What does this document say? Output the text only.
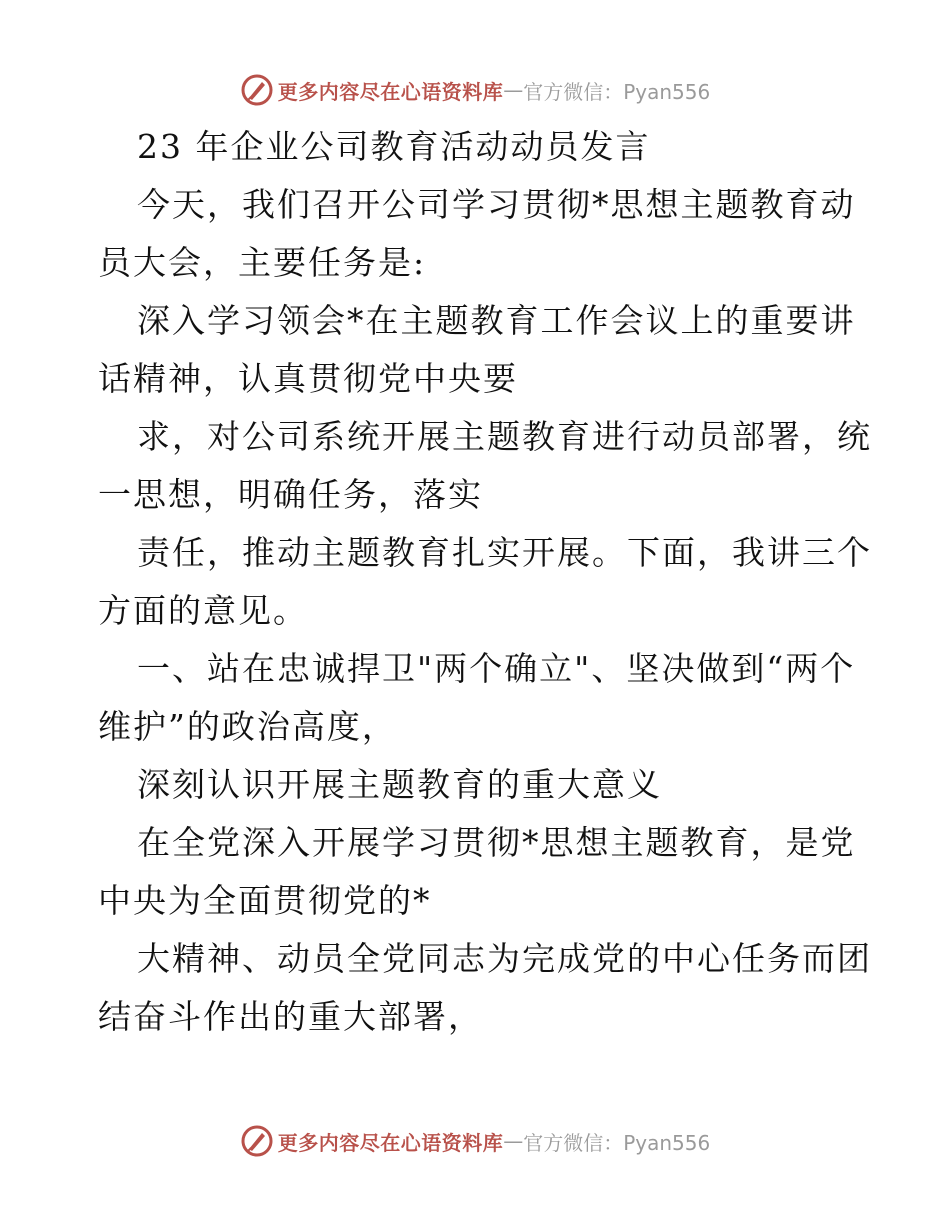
更多内容尽在心语资料库 — 官方微信：Pyan556
23 年企业公司教育活动动员发言
今天，我们召开公司学习贯彻*思想主题教育动
员大会，主要任务是:
深入学习领会*在主题教育工作会议上的重要讲
话精神，认真贯彻党中央要
求，对公司系统开展主题教育进行动员部署，统
一思想，明确任务，落实
责任，推动主题教育扎实开展。下面，我讲三个
方面的意见。
一、站在忠诚捍卫"两个确立"、坚决做到“两个
维护”的政治高度，
深刻认识开展主题教育的重大意义
在全党深入开展学习贯彻*思想主题教育，是党
中央为全面贯彻党的*
大精神、动员全党同志为完成党的中心任务而团
结奋斗作出的重大部署，
更多内容尽在心语资料库 — 官方微信：Pyan556
